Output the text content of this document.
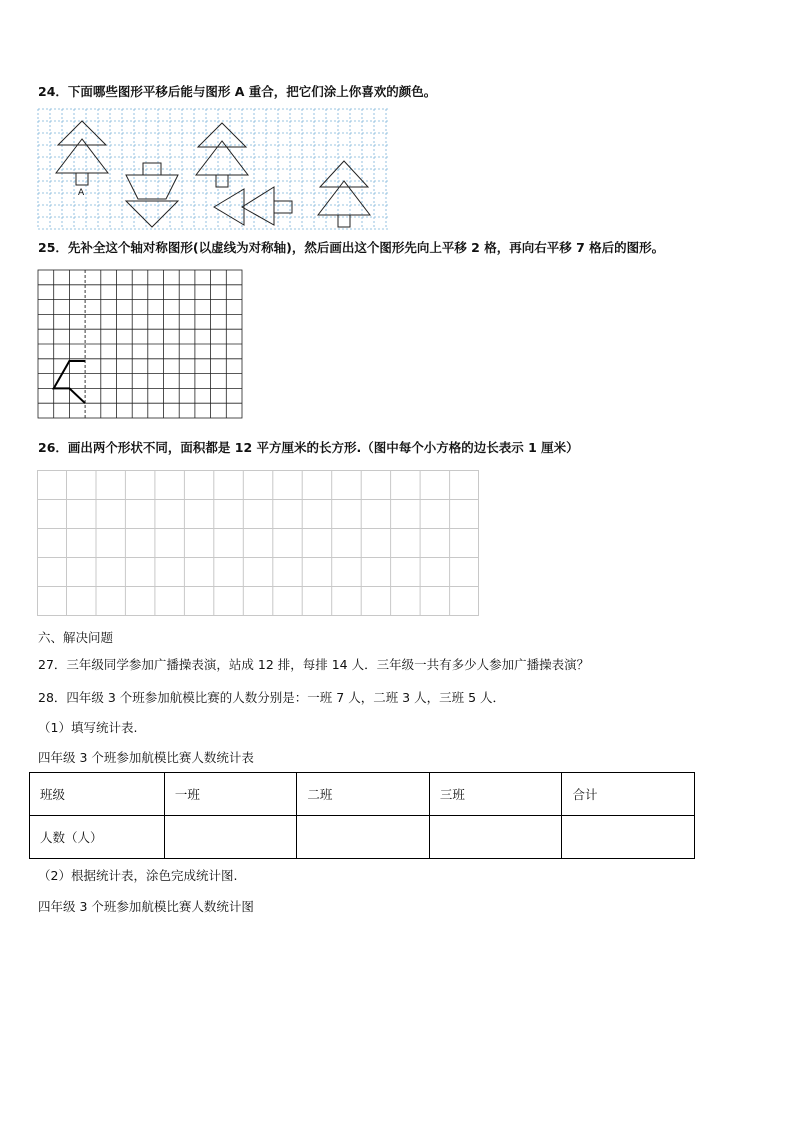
24．下面哪些图形平移后能与图形 A 重合，把它们涂上你喜欢的颜色。
A
25．先补全这个轴对称图形(以虚线为对称轴)，然后画出这个图形先向上平移 2 格，再向右平移 7 格后的图形。
26．画出两个形状不同，面积都是 12 平方厘米的长方形.（图中每个小方格的边长表示 1 厘米）
六、解决问题
27．三年级同学参加广播操表演，站成 12 排，每排 14 人．三年级一共有多少人参加广播操表演？
28．四年级 3 个班参加航模比赛的人数分别是：一班 7 人，二班 3 人，三班 5 人．
（1）填写统计表.
四年级 3 个班参加航模比赛人数统计表
班级	一班	二班	三班	合计
人数（人）				
（2）根据统计表，涂色完成统计图.
四年级 3 个班参加航模比赛人数统计图
